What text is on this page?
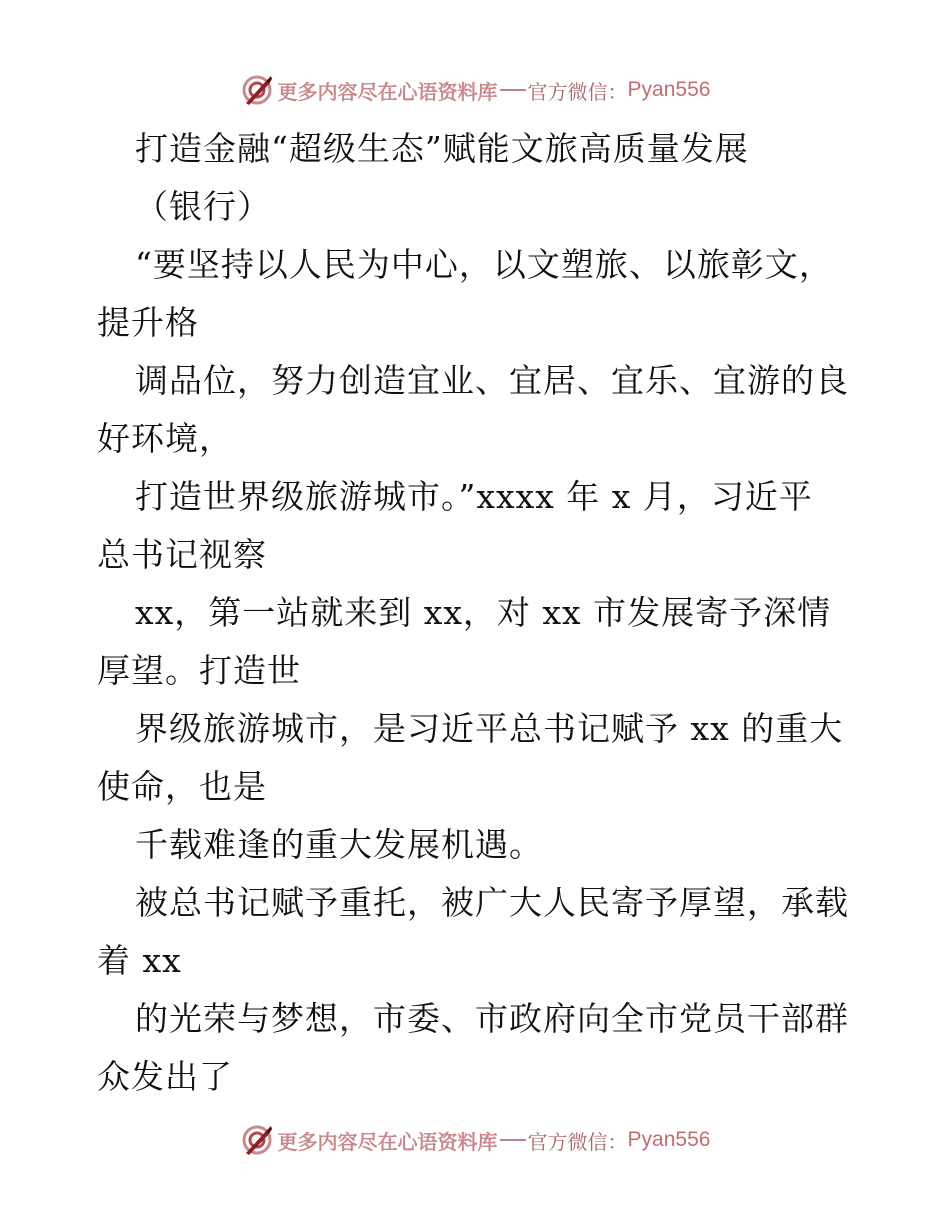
更多内容尽在心语资料库 官方微信： Pyan556
打造金融“超级生态”赋能文旅高质量发展
（银行）
“要坚持以人民为中心，以文塑旅、以旅彰文，
提升格
调品位，努力创造宜业、宜居、宜乐、宜游的良
好环境，
打造世界级旅游城市。”xxxx 年 x 月，习近平
总书记视察
xx，第一站就来到 xx，对 xx 市发展寄予深情
厚望。打造世
界级旅游城市，是习近平总书记赋予 xx 的重大
使命，也是
千载难逢的重大发展机遇。
被总书记赋予重托，被广大人民寄予厚望，承载
着 xx
的光荣与梦想，市委、市政府向全市党员干部群
众发出了
更多内容尽在心语资料库 官方微信： Pyan556
